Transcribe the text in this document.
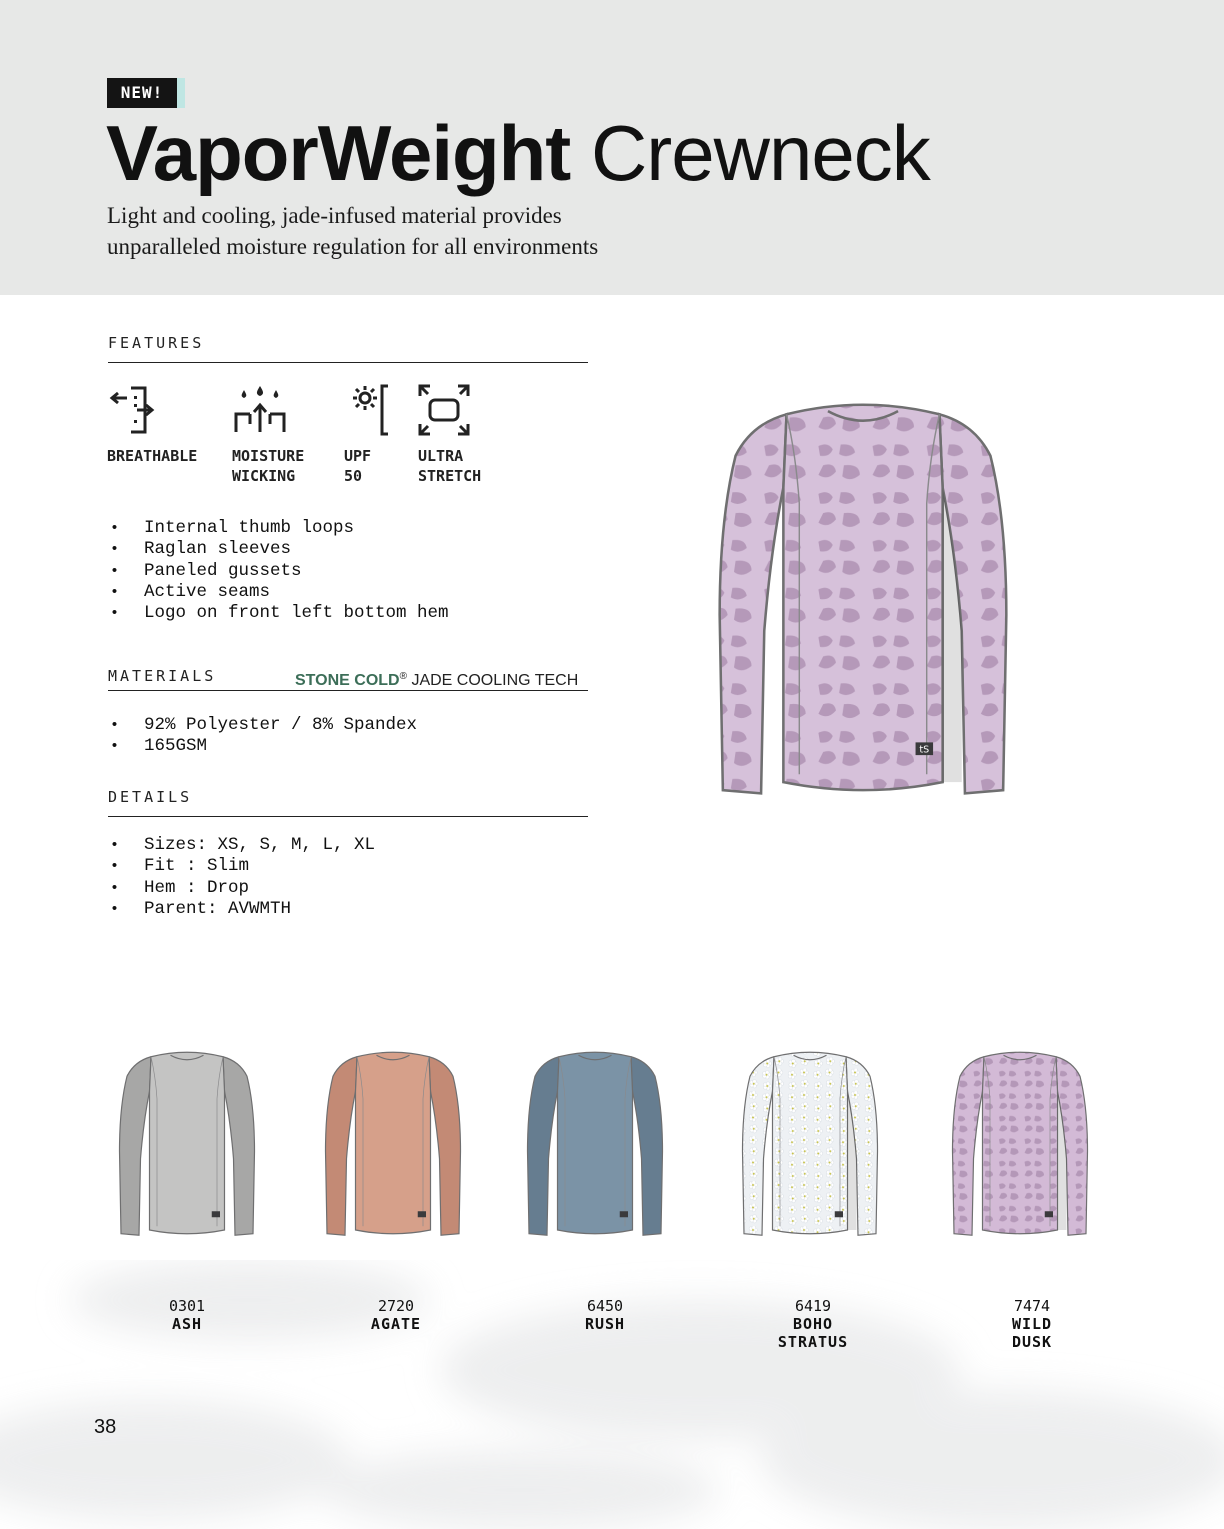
NEW!
VaporWeight Crewneck
Light and cooling, jade-infused material provides
unparalleled moisture regulation for all environments
FEATURES
BREATHABLE	MOISTURE
WICKING
UPF
50
ULTRA
STRETCH
• Internal thumb loops
• Raglan sleeves
• Paneled gussets
• Active seams
• Logo on front left bottom hem
MATERIALS	STONE COLD® JADE COOLING TECH
• 92% Polyester / 8% Spandex
• 165GSM
DETAILS
• Sizes: XS, S, M, L, XL
• Fit : Slim
• Hem : Drop
• Parent: AVWMTH
tS
0301
ASH
2720
AGATE
6450
RUSH
6419
BOHO
STRATUS
7474
WILD
DUSK
38
